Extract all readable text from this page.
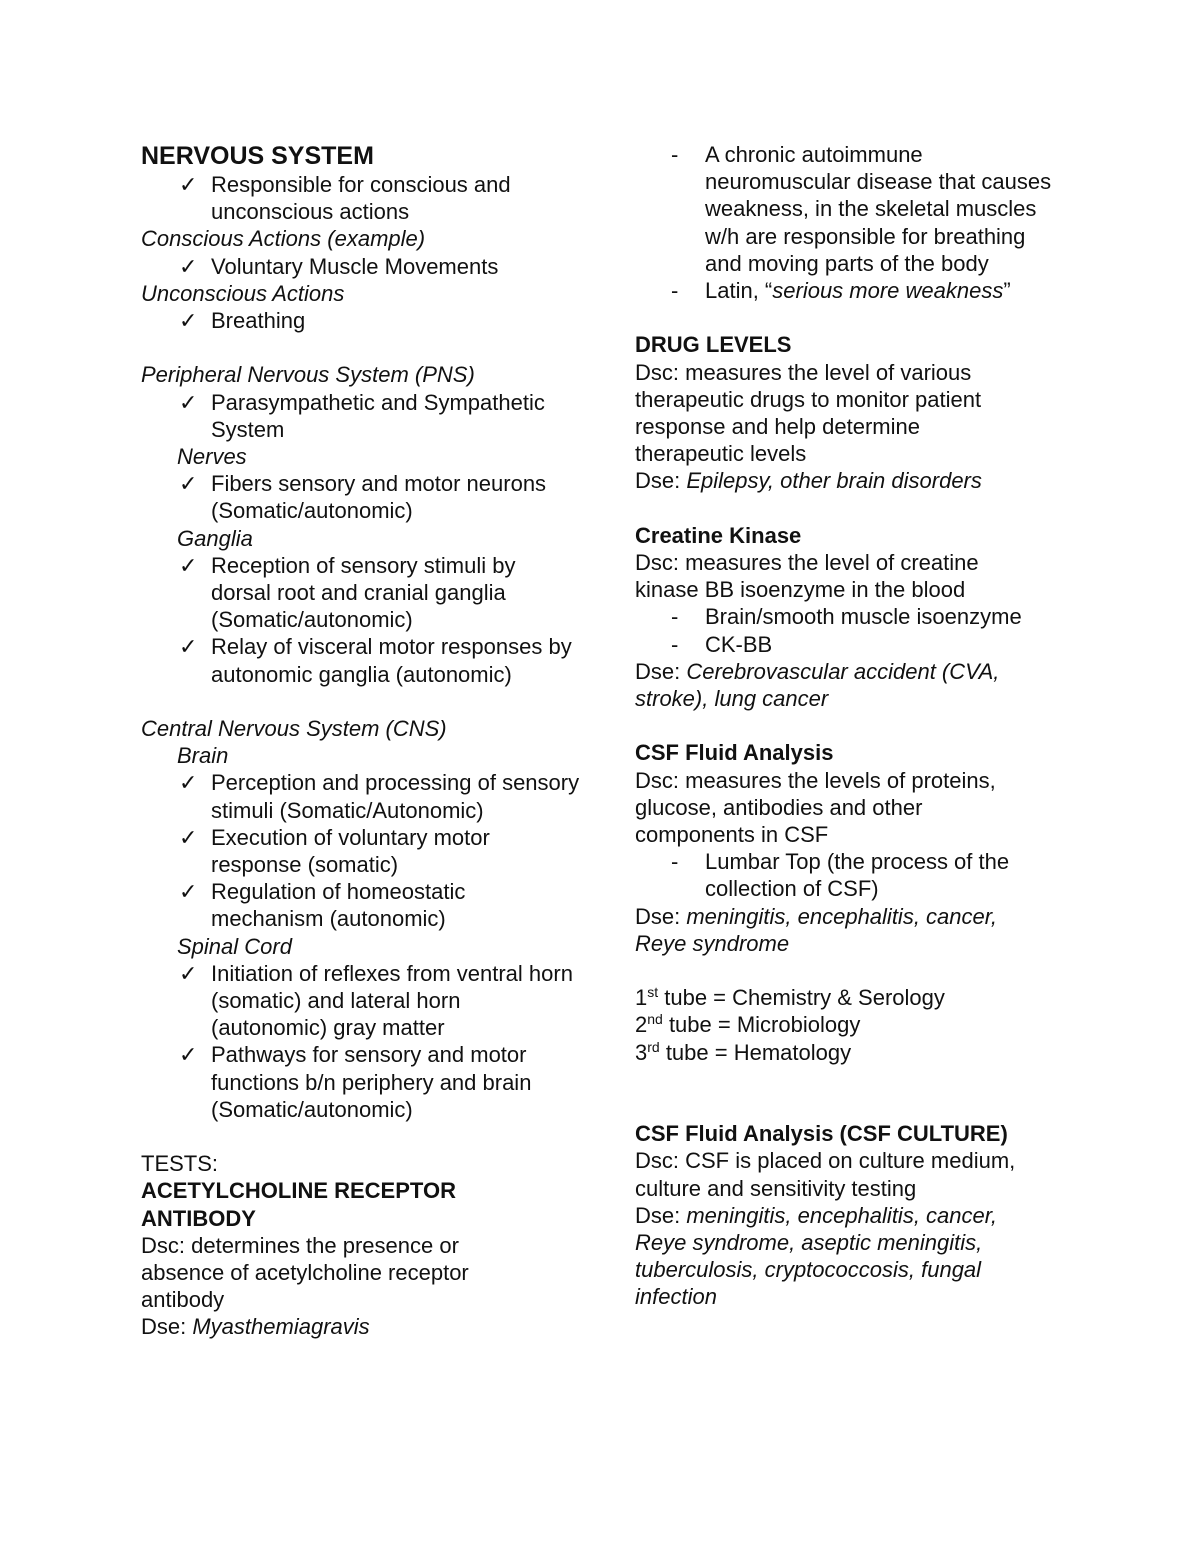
NERVOUS SYSTEM
✓ Responsible for conscious and unconscious actions
Conscious Actions (example)
✓ Voluntary Muscle Movements
Unconscious Actions
✓ Breathing
Peripheral Nervous System (PNS)
✓ Parasympathetic and Sympathetic System
Nerves
✓ Fibers sensory and motor neurons (Somatic/autonomic)
Ganglia
✓ Reception of sensory stimuli by dorsal root and cranial ganglia (Somatic/autonomic)
✓ Relay of visceral motor responses by autonomic ganglia (autonomic)
Central Nervous System (CNS)
Brain
✓ Perception and processing of sensory stimuli (Somatic/Autonomic)
✓ Execution of voluntary motor response (somatic)
✓ Regulation of homeostatic mechanism (autonomic)
Spinal Cord
✓ Initiation of reflexes from ventral horn (somatic) and lateral horn (autonomic) gray matter
✓ Pathways for sensory and motor functions b/n periphery and brain (Somatic/autonomic)
TESTS:
ACETYLCHOLINE RECEPTOR ANTIBODY
Dsc: determines the presence or absence of acetylcholine receptor antibody
Dse: Myasthemiagravis
- A chronic autoimmune neuromuscular disease that causes weakness, in the skeletal muscles w/h are responsible for breathing and moving parts of the body
- Latin, “serious more weakness”
DRUG LEVELS
Dsc: measures the level of various therapeutic drugs to monitor patient response and help determine therapeutic levels
Dse: Epilepsy, other brain disorders
Creatine Kinase
Dsc: measures the level of creatine kinase BB isoenzyme in the blood
- Brain/smooth muscle isoenzyme
- CK-BB
Dse: Cerebrovascular accident (CVA, stroke), lung cancer
CSF Fluid Analysis
Dsc: measures the levels of proteins, glucose, antibodies and other components in CSF
- Lumbar Top (the process of the collection of CSF)
Dse: meningitis, encephalitis, cancer, Reye syndrome
1st tube = Chemistry & Serology
2nd tube = Microbiology
3rd tube = Hematology
CSF Fluid Analysis (CSF CULTURE)
Dsc: CSF is placed on culture medium, culture and sensitivity testing
Dse: meningitis, encephalitis, cancer, Reye syndrome, aseptic meningitis, tuberculosis, cryptococcosis, fungal infection
